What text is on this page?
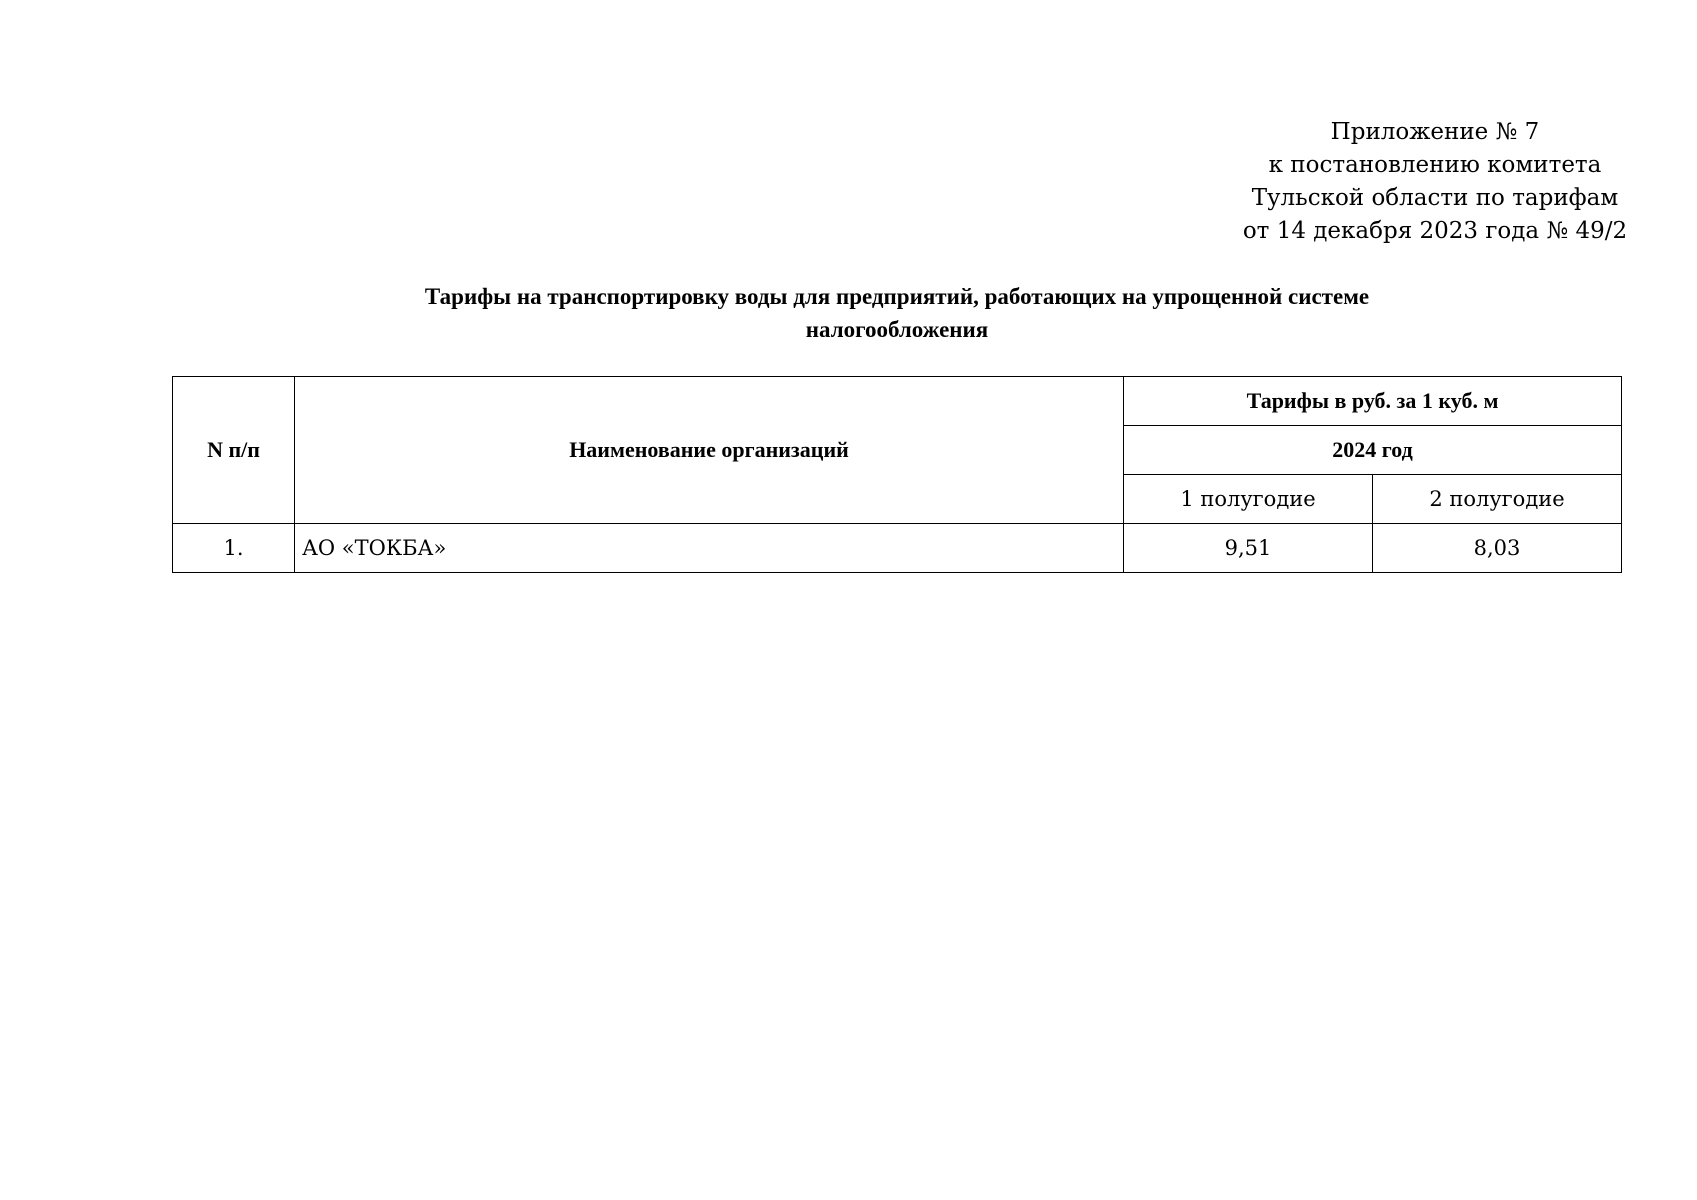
Приложение № 7
к постановлению комитета
Тульской области по тарифам
от 14 декабря 2023 года № 49/2
Тарифы на транспортировку воды для предприятий, работающих на упрощенной системе
налогообложения
N п/п	Наименование организаций	Тарифы в руб. за 1 куб. м	
		2024 год	
		1 полугодие	2 полугодие
1.	АО «ТОКБА»	9,51	8,03
